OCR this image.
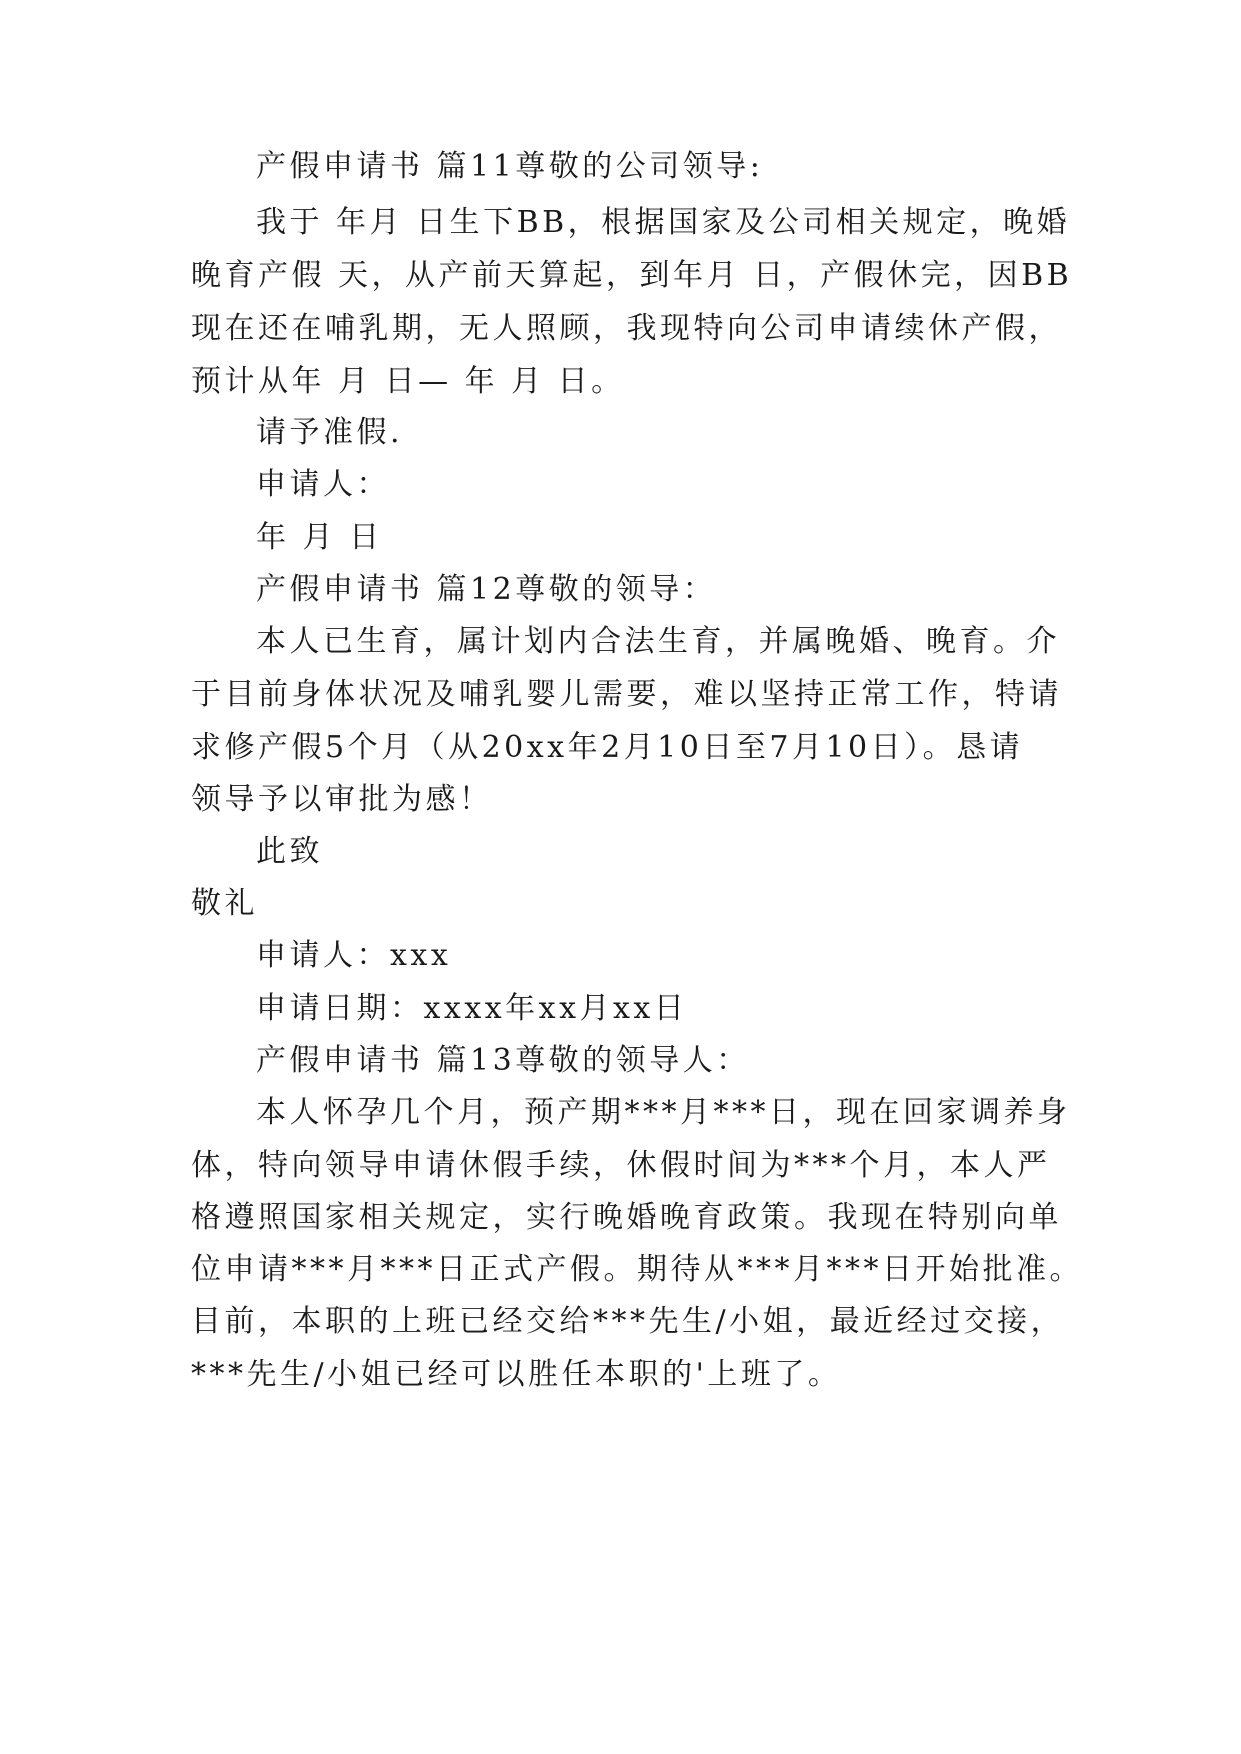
产假申请书 篇11尊敬的公司领导:
我于 年月 日生下BB，根据国家及公司相关规定，晚婚
晚育产假 天，从产前天算起，到年月 日，产假休完，因BB
现在还在哺乳期，无人照顾，我现特向公司申请续休产假，
预计从年 月 日— 年 月 日。
请予准假.
申请人：
年 月 日
产假申请书 篇12尊敬的领导：
本人已生育，属计划内合法生育，并属晚婚、晚育。介
于目前身体状况及哺乳婴儿需要，难以坚持正常工作，特请
求修产假5个月（从20xx年2月10日至7月10日）。恳请
领导予以审批为感！
此致
敬礼
申请人：xxx
申请日期：xxxx年xx月xx日
产假申请书 篇13尊敬的领导人：
本人怀孕几个月，预产期***月***日，现在回家调养身
体，特向领导申请休假手续，休假时间为***个月，本人严
格遵照国家相关规定，实行晚婚晚育政策。我现在特别向单
位申请***月***日正式产假。期待从***月***日开始批准。
目前，本职的上班已经交给***先生/小姐，最近经过交接，
***先生/小姐已经可以胜任本职的'上班了。
